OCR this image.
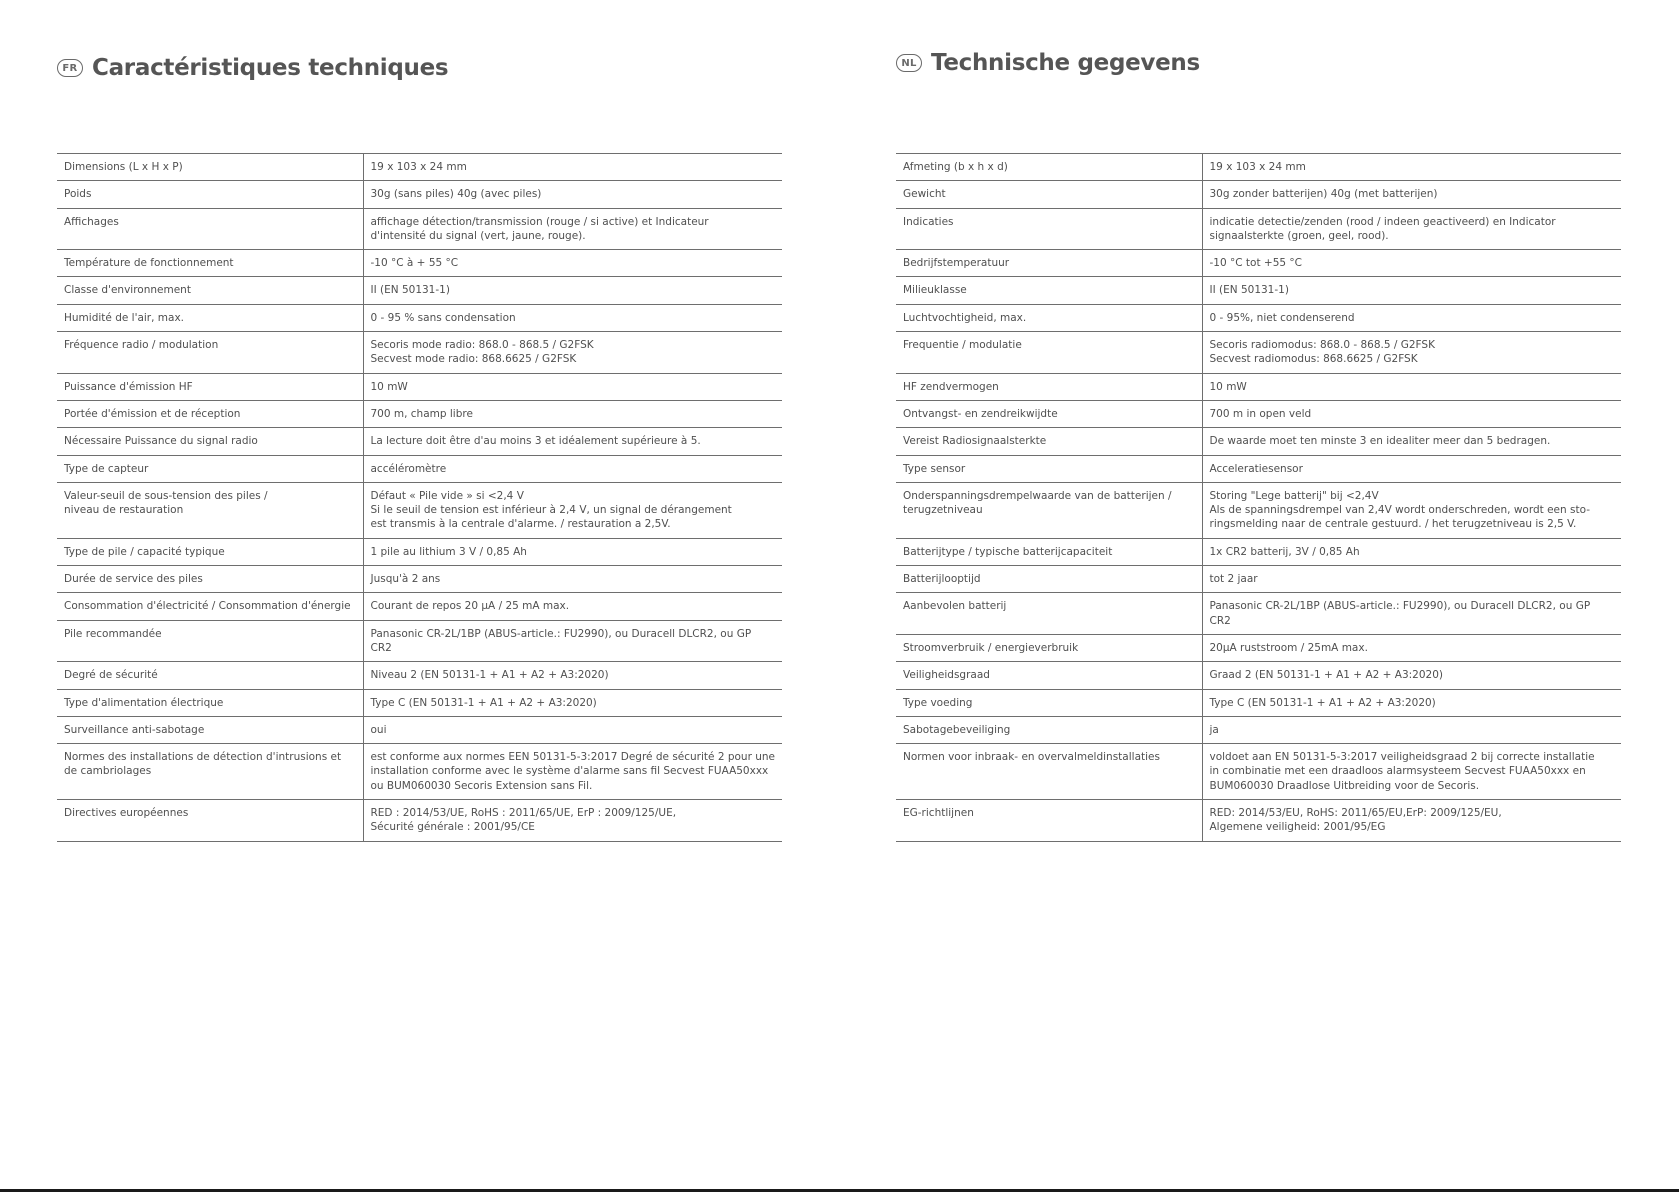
FR Caractéristiques techniques
Dimensions (L x H x P)	19 x 103 x 24 mm
Poids	30g (sans piles) 40g (avec piles)
Affichages	affichage détection/transmission (rouge / si active) et Indicateur
d'intensité du signal (vert, jaune, rouge).
Température de fonctionnement	-10 °C à + 55 °C
Classe d'environnement	II (EN 50131-1)
Humidité de l'air, max.	0 - 95 % sans condensation
Fréquence radio / modulation	Secoris mode radio: 868.0 - 868.5 / G2FSK
Secvest mode radio: 868.6625 / G2FSK
Puissance d'émission HF	10 mW
Portée d'émission et de réception	700 m, champ libre
Nécessaire Puissance du signal radio	La lecture doit être d'au moins 3 et idéalement supérieure à 5.
Type de capteur	accéléromètre
Valeur-seuil de sous-tension des piles /
niveau de restauration	Défaut « Pile vide » si <2,4 V
Si le seuil de tension est inférieur à 2,4 V, un signal de dérangement
est transmis à la centrale d'alarme. / restauration a 2,5V.
Type de pile / capacité typique	1 pile au lithium 3 V / 0,85 Ah
Durée de service des piles	Jusqu'à 2 ans
Consommation d'électricité / Consommation d'énergie	Courant de repos 20 µA / 25 mA max.
Pile recommandée	Panasonic CR-2L/1BP (ABUS-article.: FU2990), ou Duracell DLCR2, ou GP CR2
Degré de sécurité	Niveau 2 (EN 50131-1 + A1 + A2 + A3:2020)
Type d'alimentation électrique	Type C (EN 50131-1 + A1 + A2 + A3:2020)
Surveillance anti-sabotage	oui
Normes des installations de détection d'intrusions et
de cambriolages	est conforme aux normes EEN 50131-5-3:2017 Degré de sécurité 2 pour une
installation conforme avec le système d'alarme sans fil Secvest FUAA50xxx
ou BUM060030 Secoris Extension sans Fil.
Directives européennes	RED : 2014/53/UE, RoHS : 2011/65/UE, ErP : 2009/125/UE,
Sécurité générale : 2001/95/CE
NL Technische gegevens
Afmeting (b x h x d)	19 x 103 x 24 mm
Gewicht	30g zonder batterijen) 40g (met batterijen)
Indicaties	indicatie detectie/zenden (rood / indeen geactiveerd) en Indicator
signaalsterkte (groen, geel, rood).
Bedrijfstemperatuur	-10 °C tot +55 °C
Milieuklasse	II (EN 50131-1)
Luchtvochtigheid, max.	0 - 95%, niet condenserend
Frequentie / modulatie	Secoris radiomodus: 868.0 - 868.5 / G2FSK
Secvest radiomodus: 868.6625 / G2FSK
HF zendvermogen	10 mW
Ontvangst- en zendreikwijdte	700 m in open veld
Vereist Radiosignaalsterkte	De waarde moet ten minste 3 en idealiter meer dan 5 bedragen.
Type sensor	Acceleratiesensor
Onderspanningsdrempelwaarde van de batterijen /
terugzetniveau	Storing "Lege batterij" bij <2,4V
Als de spanningsdrempel van 2,4V wordt onderschreden, wordt een sto-
ringsmelding naar de centrale gestuurd. / het terugzetniveau is 2,5 V.
Batterijtype / typische batterijcapaciteit	1x CR2 batterij, 3V / 0,85 Ah
Batterijlooptijd	tot 2 jaar
Aanbevolen batterij	Panasonic CR-2L/1BP (ABUS-article.: FU2990), ou Duracell DLCR2, ou GP CR2
Stroomverbruik / energieverbruik	20µA ruststroom / 25mA max.
Veiligheidsgraad	Graad 2 (EN 50131-1 + A1 + A2 + A3:2020)
Type voeding	Type C (EN 50131-1 + A1 + A2 + A3:2020)
Sabotagebeveiliging	ja
Normen voor inbraak- en overvalmeldinstallaties	voldoet aan EN 50131-5-3:2017 veiligheidsgraad 2 bij correcte installatie
in combinatie met een draadloos alarmsysteem Secvest FUAA50xxx en
BUM060030 Draadlose Uitbreiding voor de Secoris.
EG-richtlijnen	RED: 2014/53/EU, RoHS: 2011/65/EU,ErP: 2009/125/EU,
Algemene veiligheid: 2001/95/EG
